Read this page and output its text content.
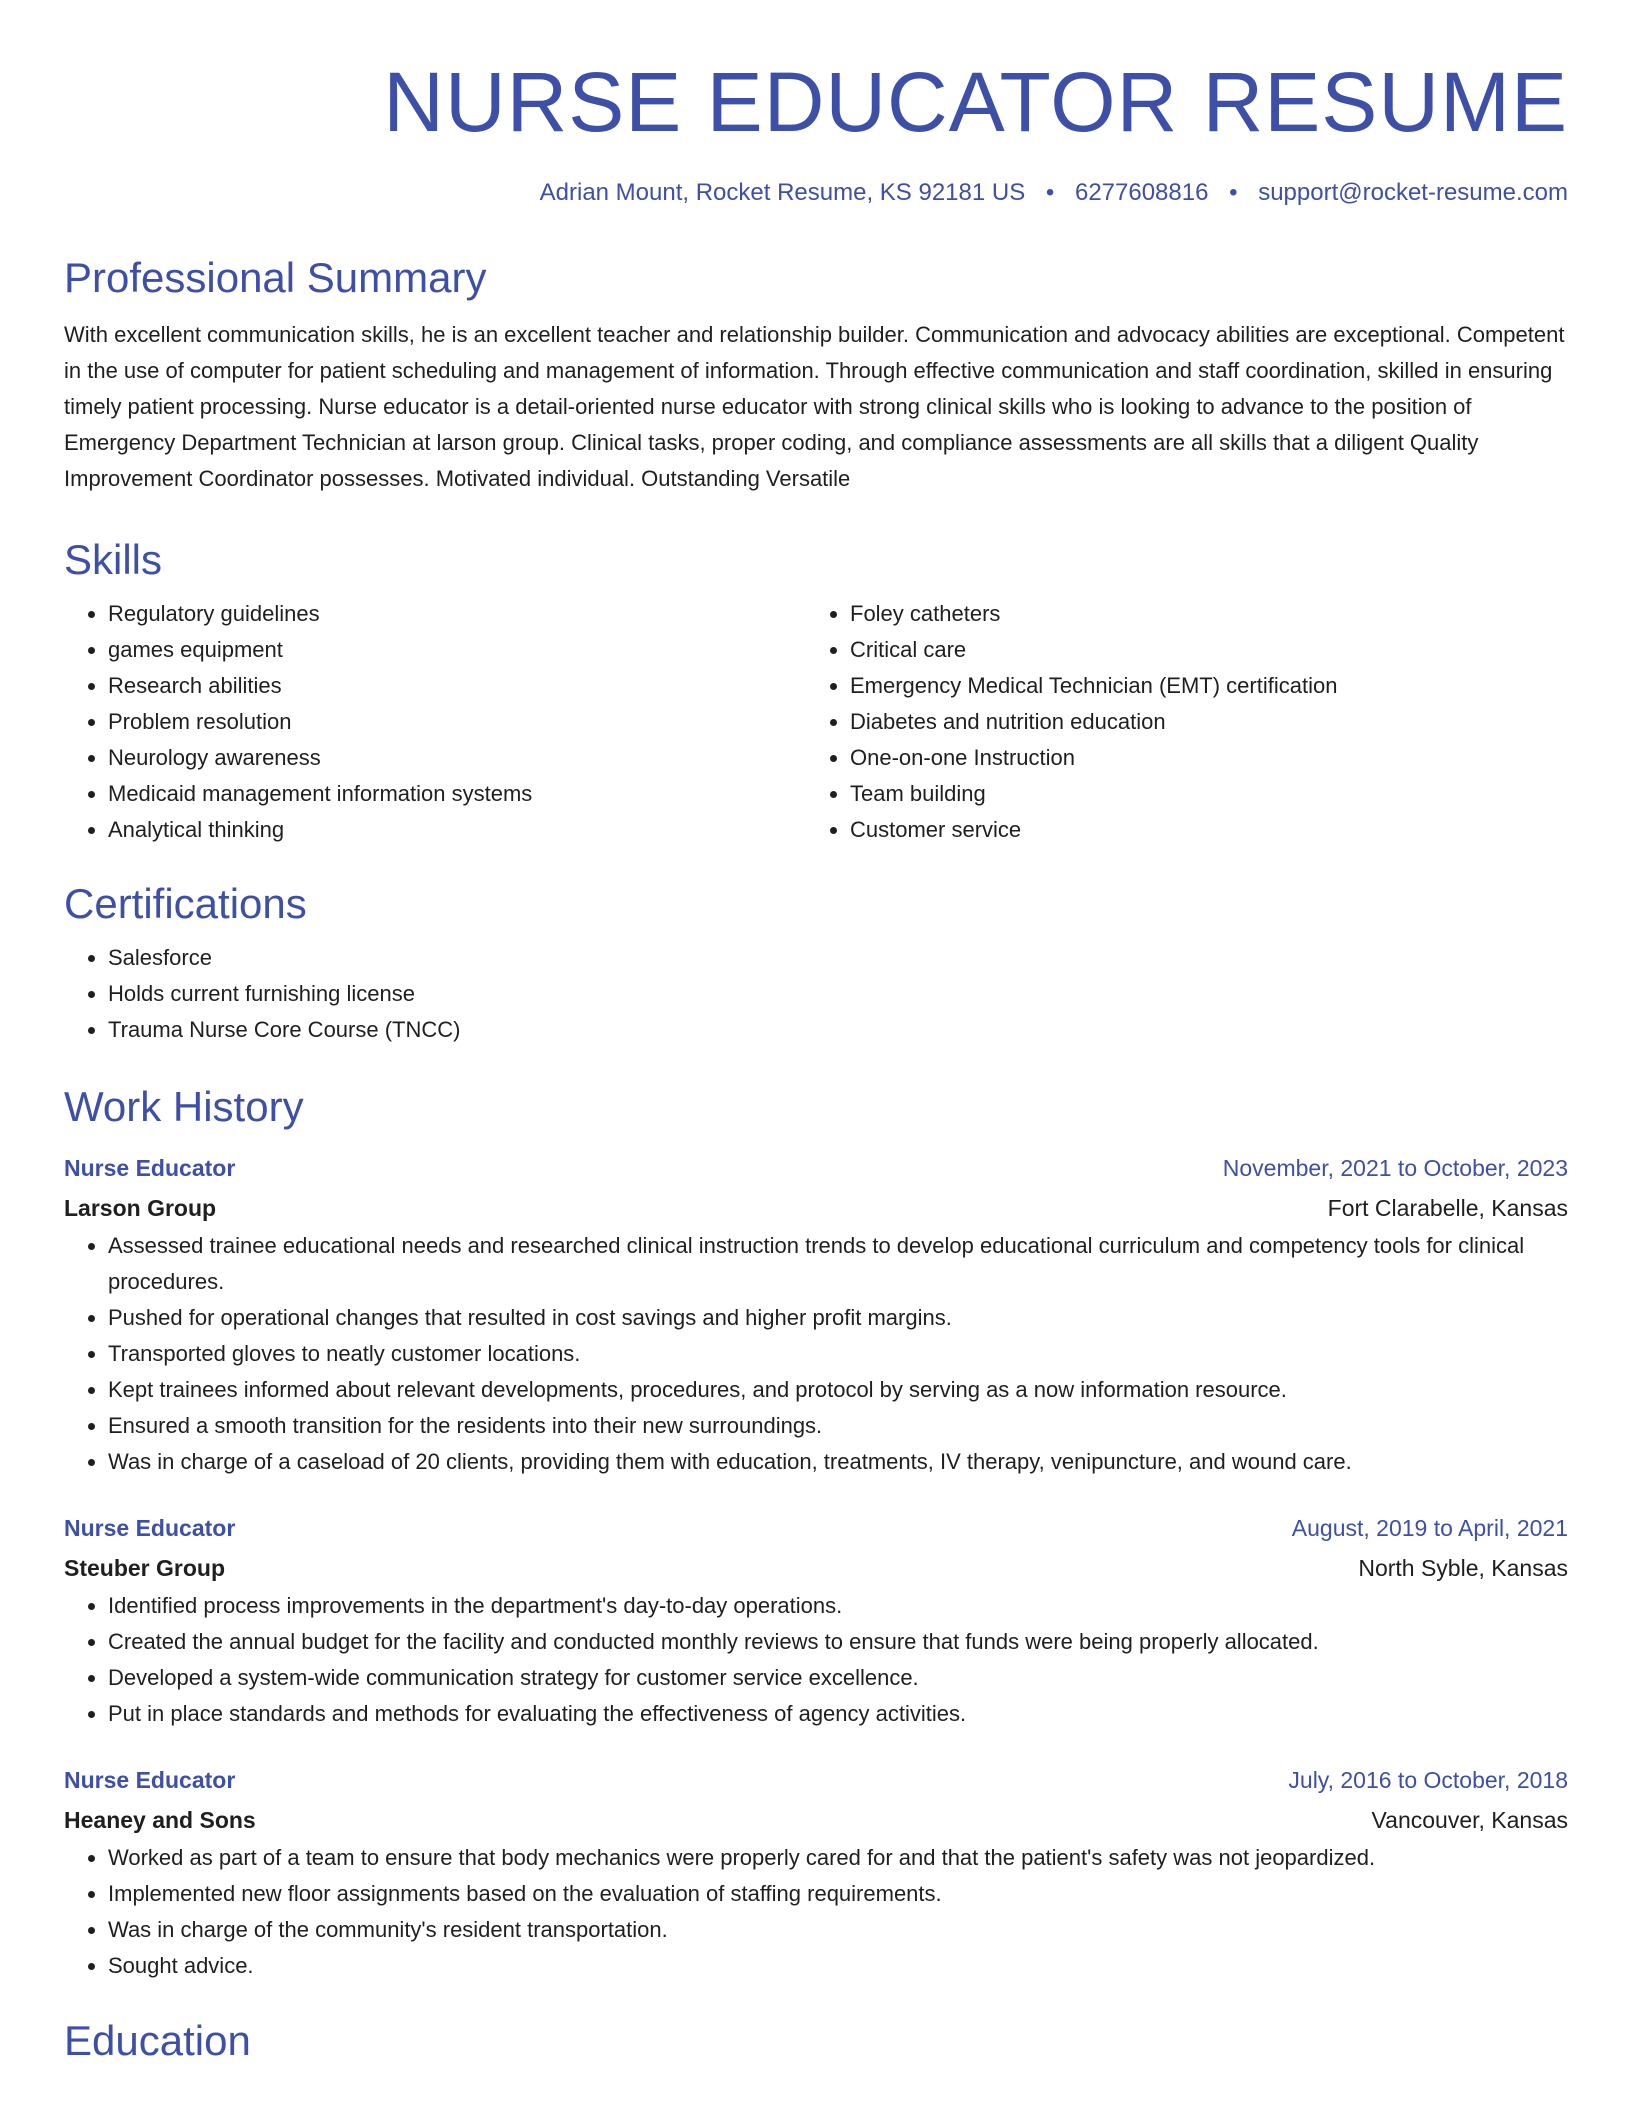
NURSE EDUCATOR RESUME
Adrian Mount, Rocket Resume, KS 92181 US • 6277608816 • support@rocket-resume.com
Professional Summary
With excellent communication skills, he is an excellent teacher and relationship builder. Communication and advocacy abilities are exceptional. Competent in the use of computer for patient scheduling and management of information. Through effective communication and staff coordination, skilled in ensuring timely patient processing. Nurse educator is a detail-oriented nurse educator with strong clinical skills who is looking to advance to the position of Emergency Department Technician at larson group. Clinical tasks, proper coding, and compliance assessments are all skills that a diligent Quality Improvement Coordinator possesses. Motivated individual. Outstanding Versatile
Skills
• Regulatory guidelines
• games equipment
• Research abilities
• Problem resolution
• Neurology awareness
• Medicaid management information systems
• Analytical thinking
• Foley catheters
• Critical care
• Emergency Medical Technician (EMT) certification
• Diabetes and nutrition education
• One-on-one Instruction
• Team building
• Customer service
Certifications
• Salesforce
• Holds current furnishing license
• Trauma Nurse Core Course (TNCC)
Work History
Nurse Educator	November, 2021 to October, 2023
Larson Group	Fort Clarabelle, Kansas
• Assessed trainee educational needs and researched clinical instruction trends to develop educational curriculum and competency tools for clinical procedures.
• Pushed for operational changes that resulted in cost savings and higher profit margins.
• Transported gloves to neatly customer locations.
• Kept trainees informed about relevant developments, procedures, and protocol by serving as a now information resource.
• Ensured a smooth transition for the residents into their new surroundings.
• Was in charge of a caseload of 20 clients, providing them with education, treatments, IV therapy, venipuncture, and wound care.
Nurse Educator	August, 2019 to April, 2021
Steuber Group	North Syble, Kansas
• Identified process improvements in the department's day-to-day operations.
• Created the annual budget for the facility and conducted monthly reviews to ensure that funds were being properly allocated.
• Developed a system-wide communication strategy for customer service excellence.
• Put in place standards and methods for evaluating the effectiveness of agency activities.
Nurse Educator	July, 2016 to October, 2018
Heaney and Sons	Vancouver, Kansas
• Worked as part of a team to ensure that body mechanics were properly cared for and that the patient's safety was not jeopardized.
• Implemented new floor assignments based on the evaluation of staffing requirements.
• Was in charge of the community's resident transportation.
• Sought advice.
Education
